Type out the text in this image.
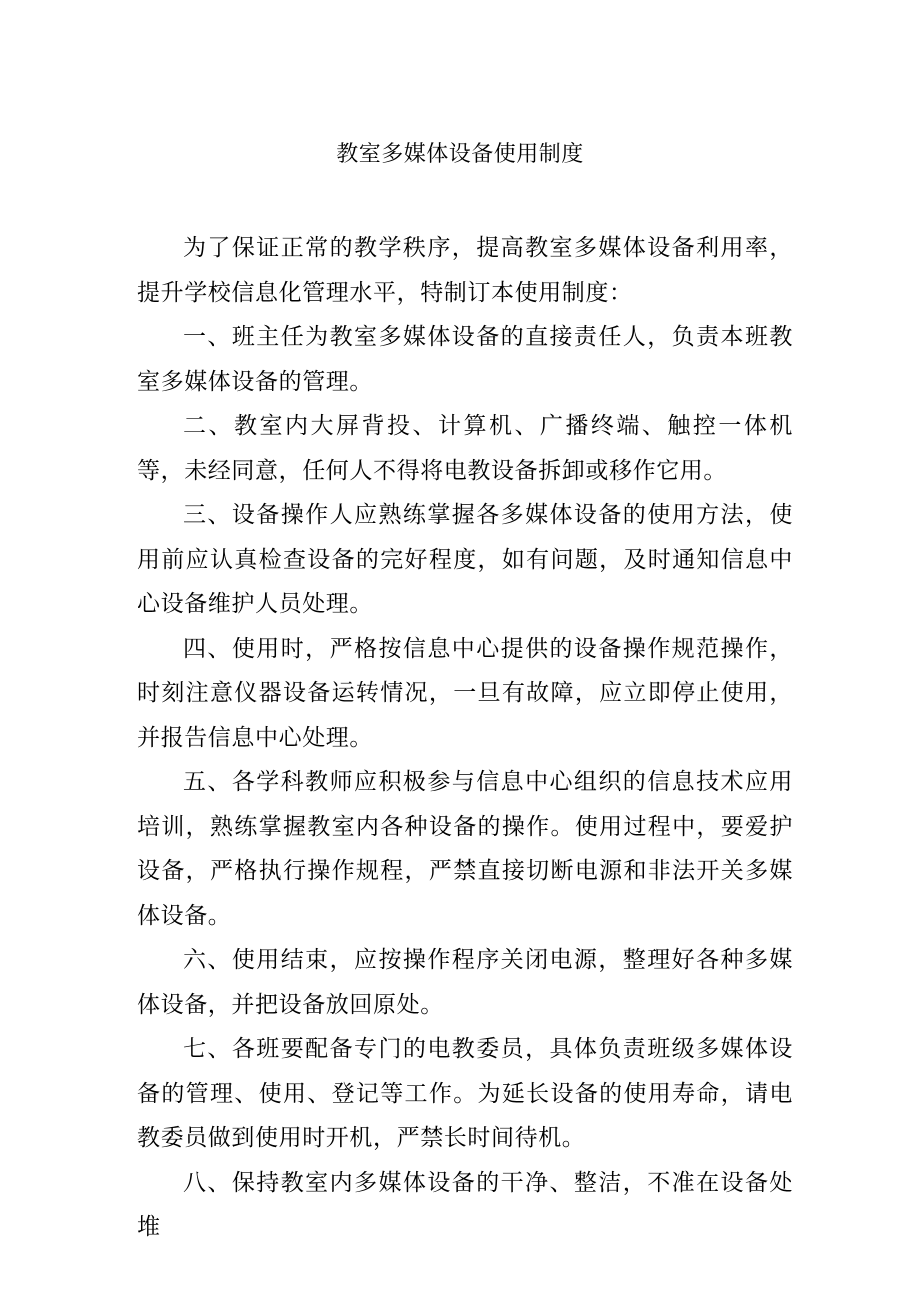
教室多媒体设备使用制度

为了保证正常的教学秩序，提高教室多媒体设备利用率，提升学校信息化管理水平，特制订本使用制度：

一、班主任为教室多媒体设备的直接责任人，负责本班教室多媒体设备的管理。

二、教室内大屏背投、计算机、广播终端、触控一体机等，未经同意，任何人不得将电教设备拆卸或移作它用。

三、设备操作人应熟练掌握各多媒体设备的使用方法，使用前应认真检查设备的完好程度，如有问题，及时通知信息中心设备维护人员处理。

四、使用时，严格按信息中心提供的设备操作规范操作，时刻注意仪器设备运转情况，一旦有故障，应立即停止使用，并报告信息中心处理。

五、各学科教师应积极参与信息中心组织的信息技术应用培训，熟练掌握教室内各种设备的操作。使用过程中，要爱护设备，严格执行操作规程，严禁直接切断电源和非法开关多媒体设备。

六、使用结束，应按操作程序关闭电源，整理好各种多媒体设备，并把设备放回原处。

七、各班要配备专门的电教委员，具体负责班级多媒体设备的管理、使用、登记等工作。为延长设备的使用寿命，请电教委员做到使用时开机，严禁长时间待机。

八、保持教室内多媒体设备的干净、整洁，不准在设备处堆
